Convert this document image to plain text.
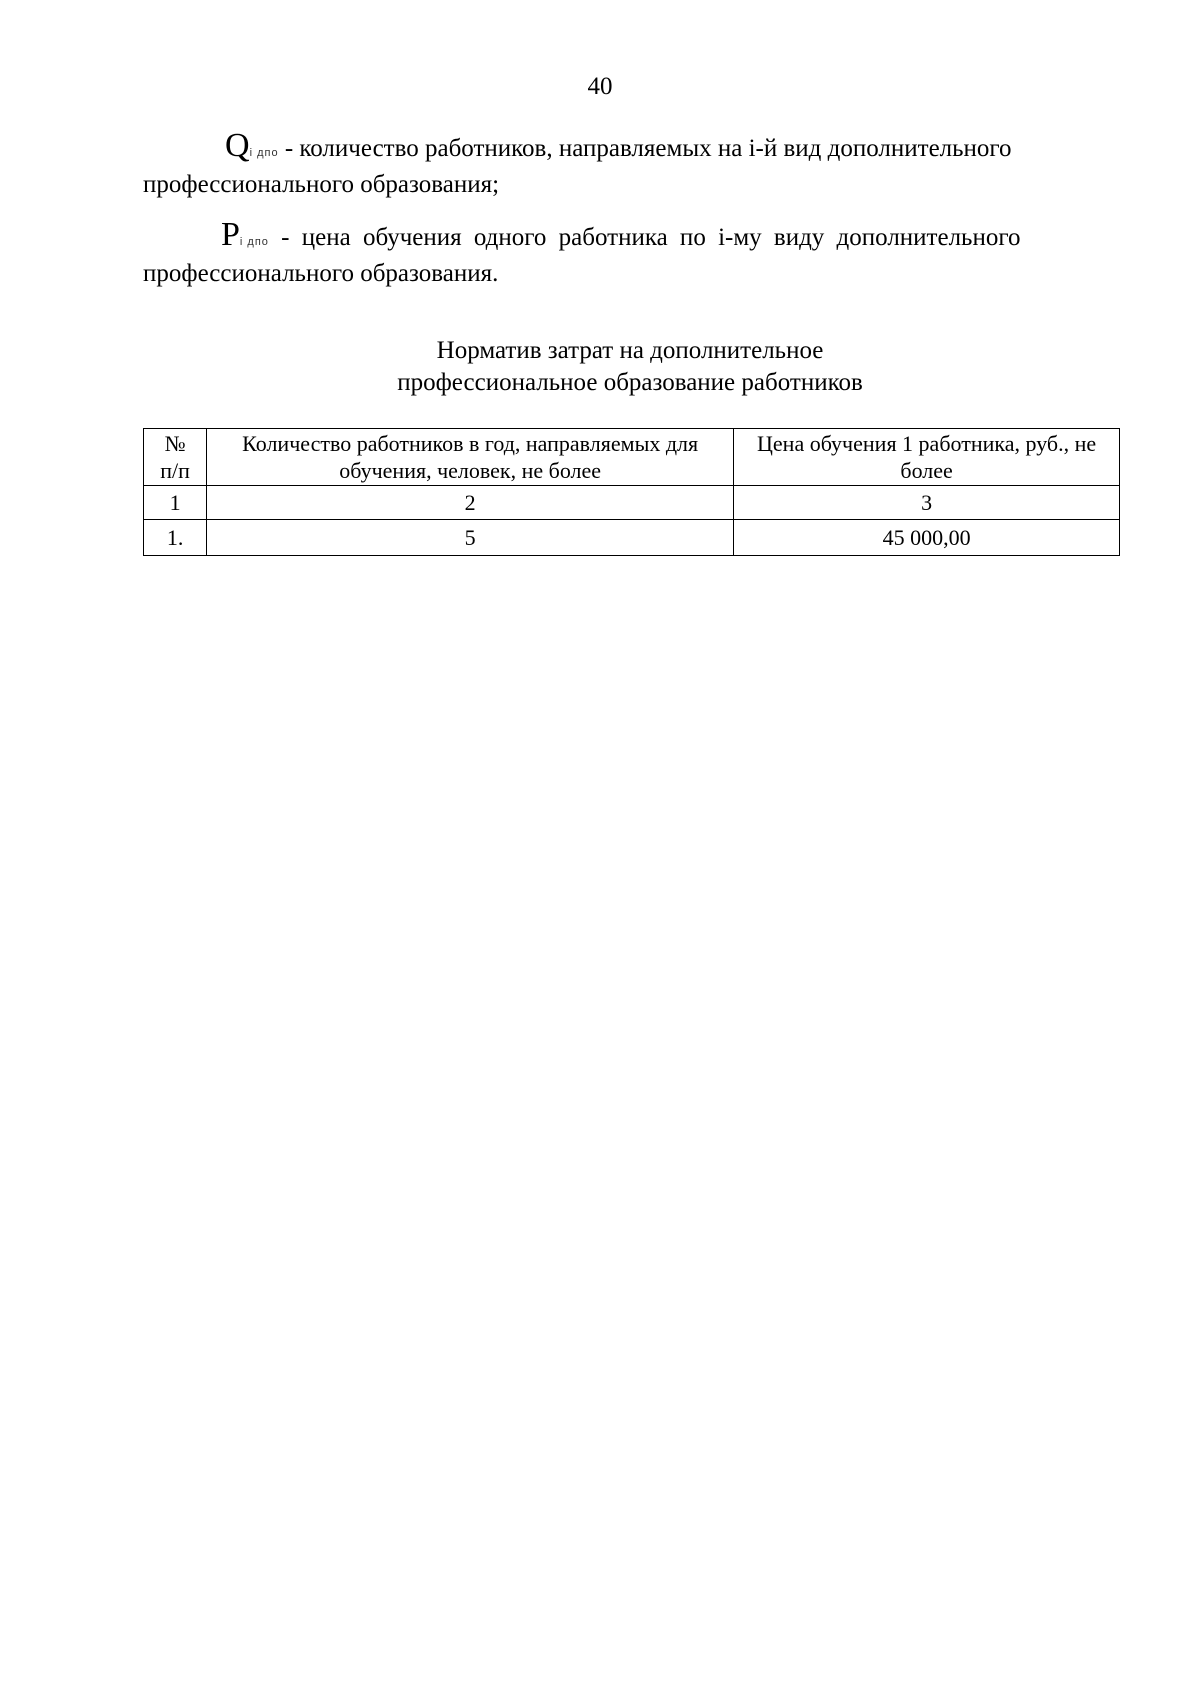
40
Qi дпо - количество работников, направляемых на і-й вид дополнительного
профессионального образования;
Pi дпо - цена обучения одного работника по і-му виду дополнительного
профессионального образования.
Норматив затрат на дополнительное
профессиональное образование работников
№ п/п	Количество работников в год, направляемых для обучения, человек, не более	Цена обучения 1 работника, руб., не более
1	2	3
1.	5	45 000,00
